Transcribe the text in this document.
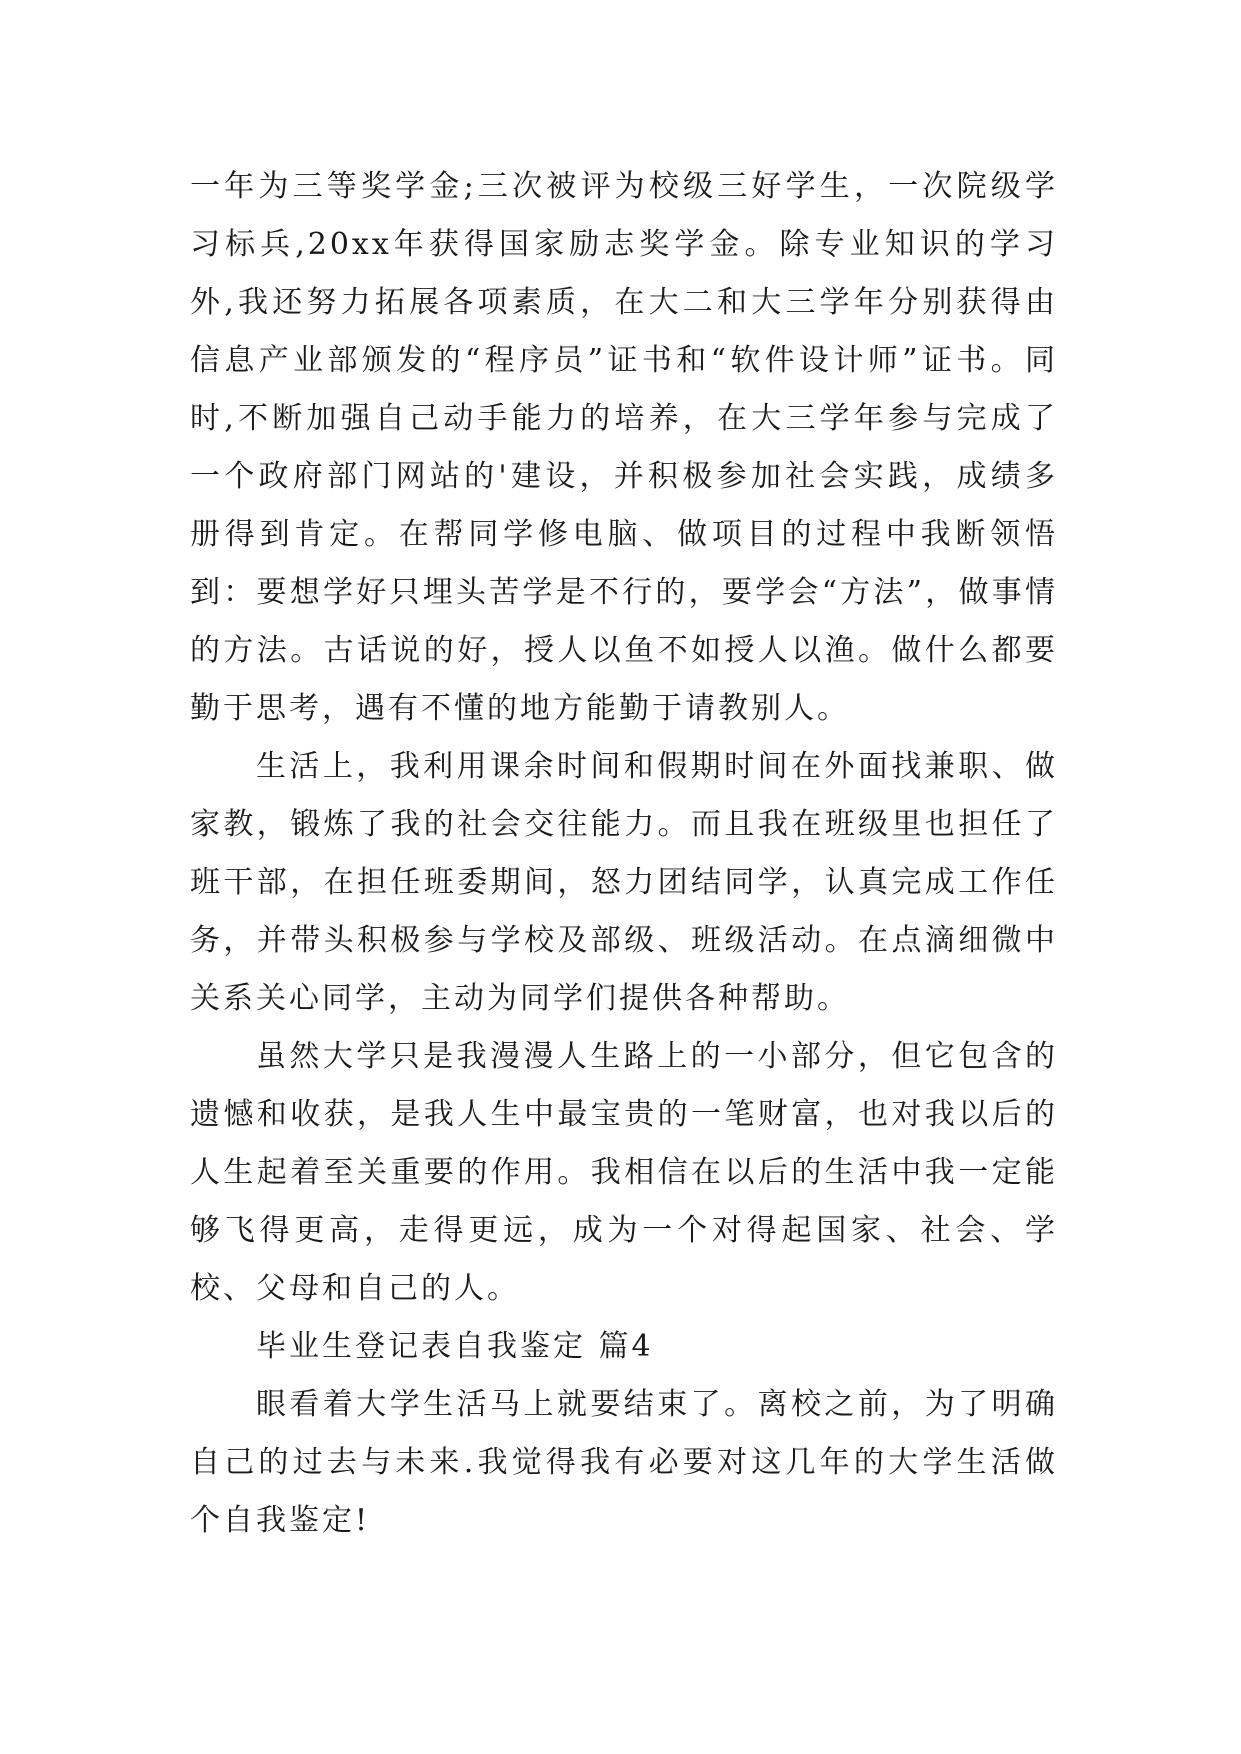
一年为三等奖学金;三次被评为校级三好学生，一次院级学习标兵,20xx年获得国家励志奖学金。除专业知识的学习外,我还努力拓展各项素质，在大二和大三学年分别获得由信息产业部颁发的“程序员”证书和“软件设计师”证书。同时,不断加强自己动手能力的培养，在大三学年参与完成了一个政府部门网站的'建设，并积极参加社会实践，成绩多册得到肯定。在帮同学修电脑、做项目的过程中我断领悟到：要想学好只埋头苦学是不行的，要学会“方法”，做事情的方法。古话说的好，授人以鱼不如授人以渔。做什么都要勤于思考，遇有不懂的地方能勤于请教别人。

生活上，我利用课余时间和假期时间在外面找兼职、做家教，锻炼了我的社会交往能力。而且我在班级里也担任了班干部，在担任班委期间，怒力团结同学，认真完成工作任务，并带头积极参与学校及部级、班级活动。在点滴细微中关系关心同学，主动为同学们提供各种帮助。

虽然大学只是我漫漫人生路上的一小部分，但它包含的遗憾和收获，是我人生中最宝贵的一笔财富，也对我以后的人生起着至关重要的作用。我相信在以后的生活中我一定能够飞得更高，走得更远，成为一个对得起国家、社会、学校、父母和自己的人。

毕业生登记表自我鉴定 篇4

眼看着大学生活马上就要结束了。离校之前，为了明确自己的过去与未来.我觉得我有必要对这几年的大学生活做个自我鉴定!
